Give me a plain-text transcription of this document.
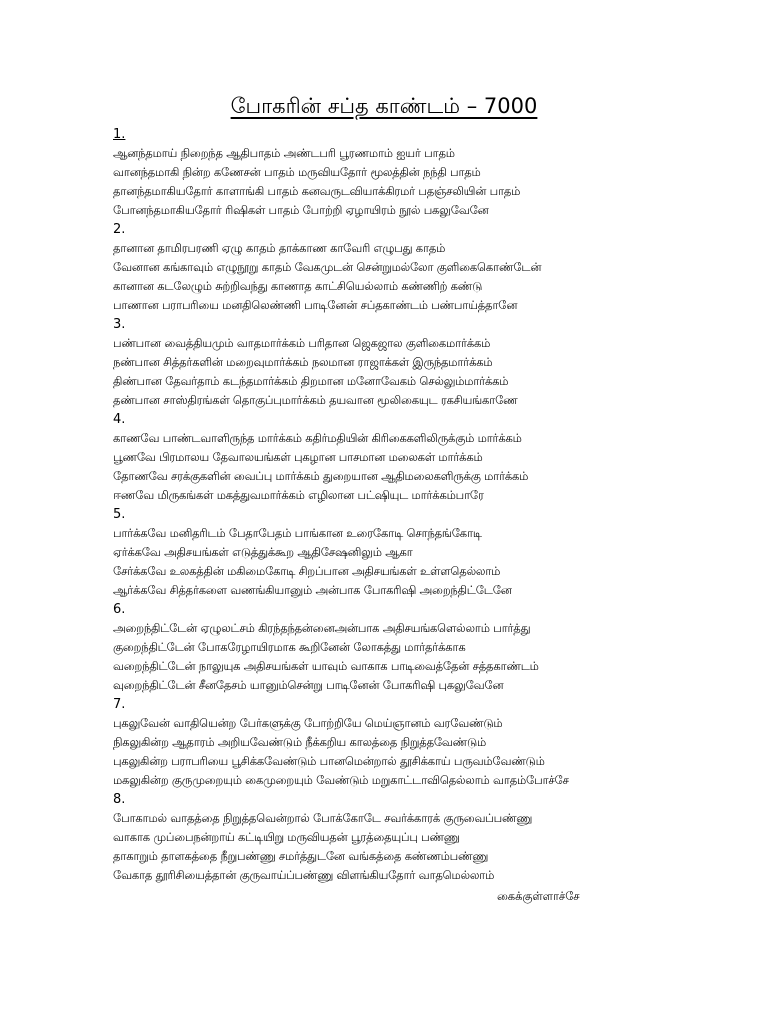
போகரின் சப்த காண்டம் – 7000
1.
ஆனந்தமாய் நிறைந்த ஆதிபாதம் அண்டபரி பூரணமாம் ஐயர் பாதம்
வானந்தமாகி நின்ற கணேசன் பாதம் மருவியதோர் மூலத்தின் நந்தி பாதம்
தானந்தமாகியதோர் காளாங்கி பாதம் கனவருடவியாக்கிரமர் பதஞ்சலியின் பாதம்
போனந்தமாகியதோர் ரிஷிகள் பாதம் போற்றி ஏழாயிரம் நூல் பகலுவேனே
2.
தானான தாமிரபரணி ஏழு காதம் தாக்காண காவேரி எழுபது காதம்
வேனான கங்காவும் எழுநூறு காதம் வேகமுடன் சென்றுமல்லோ குளிகைகொண்டேன்
கானான கடலேழும் சுற்றிவந்து காணாத காட்சியெல்லாம் கண்ணிற் கண்டு
பாணான பராபரியை மனதிலெண்ணி பாடினேன் சப்தகாண்டம் பண்பாய்த்தானே
3.
பண்பான வைத்தியமும் வாதமார்க்கம் பரிதான ஜெகஜால குளிகைமார்க்கம்
நண்பான சித்தர்களின் மறைவுமார்க்கம் நலமான ராஜாக்கள் இருந்தமார்க்கம்
திண்பான தேவர்தாம் கடந்தமார்க்கம் திறமான மனோவேகம் செல்லும்மார்க்கம்
தண்பான சாஸ்திரங்கள் தொகுப்புமார்க்கம் தயவான மூலிகையுட ரகசியங்காணே
4.
காணவே பாண்டவாளிருந்த மார்க்கம் கதிர்மதியின் கிரிகைகளிலிருக்கும் மார்க்கம்
பூணவே பிரமாலய தேவாலயங்கள் புகழான பாசமான மலைகள் மார்க்கம்
தோணவே சரக்குகளின் வைப்பு மார்க்கம் துறையான ஆதிமலைகளிருக்கு மார்க்கம்
ஈணவே மிருகங்கள் மகத்துவமார்க்கம் எழிலான பட்ஷியுட மார்க்கம்பாரே
5.
பார்க்கவே மனிதரிடம் பேதாபேதம் பாங்கான உரைகோடி சொந்தங்கோடி
ஏர்க்கவே அதிசயங்கள் எடுத்துக்கூற ஆதிசேஷனிலும் ஆகா
சேர்க்கவே உலகத்தின் மகிமைகோடி சிறப்பான அதிசயங்கள் உள்ளதெல்லாம்
ஆர்க்கவே சித்தர்களை வணங்கியானும் அன்பாக போகரிஷி அறைந்திட்டேனே
6.
அறைந்திட்டேன் ஏழுலட்சம் கிரந்தந்தன்னைஅன்பாக அதிசயங்களெல்லாம் பார்த்து
குறைந்திட்டேன் போகரேழாயிரமாக கூறினேன் லோகத்து மார்தர்க்காக
வறைந்திட்டேன் நாலுயுக அதிசயங்கள் யாவும் வாகாக பாடிவைத்தேன் சத்தகாண்டம்
வுறைந்திட்டேன் சீனதேசம் யானும்சென்று பாடினேன் போகரிஷி புகலுவேனே
7.
புகலுவேன் வாதியென்ற பேர்களுக்கு போற்றியே மெய்ஞானம் வரவேண்டும்
நிகலுகின்ற ஆதாரம் அறியவேண்டும் நீக்கறிய காலத்தை நிறுத்தவேண்டும்
புகலுகின்ற பராபரியை பூசிக்கவேண்டும் பானமென்றால் தூசிக்காய் பருவம்வேண்டும்
மகலுகின்ற குருமுறையும் கைமுறையும் வேண்டும் மறுகாட்டாவிதெல்லாம் வாதம்போச்சே
8.
போகாமல் வாதத்தை நிறுத்தவென்றால் போக்கோடே சவர்க்காரக் குருவைப்பண்ணு
வாகாக முப்பைநன்றாய் கட்டியிறு மருவியதன் பூரத்தையுப்பு பண்ணு
தாகாறும் தாளகத்தை நீறுபண்ணு சமர்த்துடனே வங்கத்தை கண்ணம்பண்ணு
வேகாத தூரிசியைத்தான் குருவாய்ப்பண்ணு விளங்கியதோர் வாதமெல்லாம்
கைக்குள்ளாச்சே
